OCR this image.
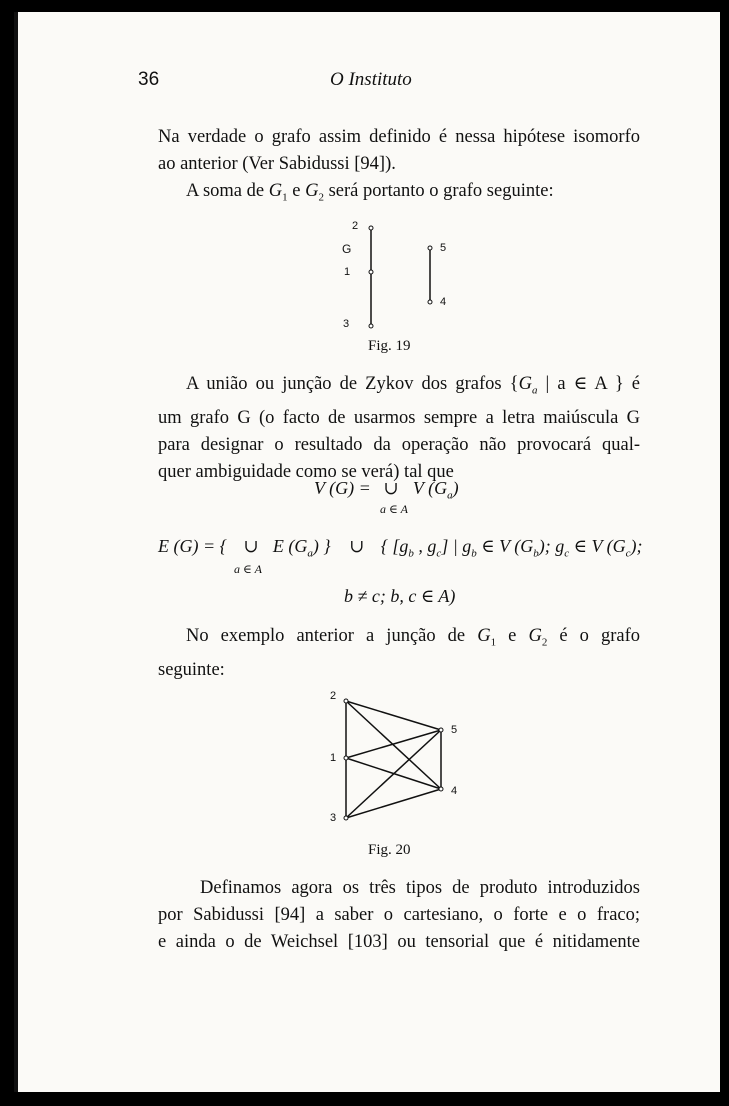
36	O Instituto
Na verdade o grafo assim definido é nessa hipótese isomorfo
ao anterior (Ver Sabidussi [94]).
A soma de $G_1$ e $G_2$ será portanto o grafo seguinte:
2
G
1
3
5
4
Fig. 19
A união ou junção de Zykov dos grafos {$G_a$ | a ∈ A } é
um grafo G (o facto de usarmos sempre a letra maiúscula G
para designar o resultado da operação não provocará qual-
quer ambiguidade como se verá) tal que
V (G) = ∪ V $(G_a)$
a ∈ A
E (G) = { ∪ E $(G_a)$ } ∪ { [$g_b$ , $g_c$] | $g_b$ ∈ V $(G_b)$; $g_c$ ∈ V $(G_c)$;
a ∈ A
b ≠ c; b, c ∈ A)
No exemplo anterior a junção de $G_1$ e $G_2$ é o grafo
seguinte:
2
1
3
5
4
Fig. 20
Definamos agora os três tipos de produto introduzidos
por Sabidussi [94] a saber o cartesiano, o forte e o fraco;
e ainda o de Weichsel [103] ou tensorial que é nitidamente
